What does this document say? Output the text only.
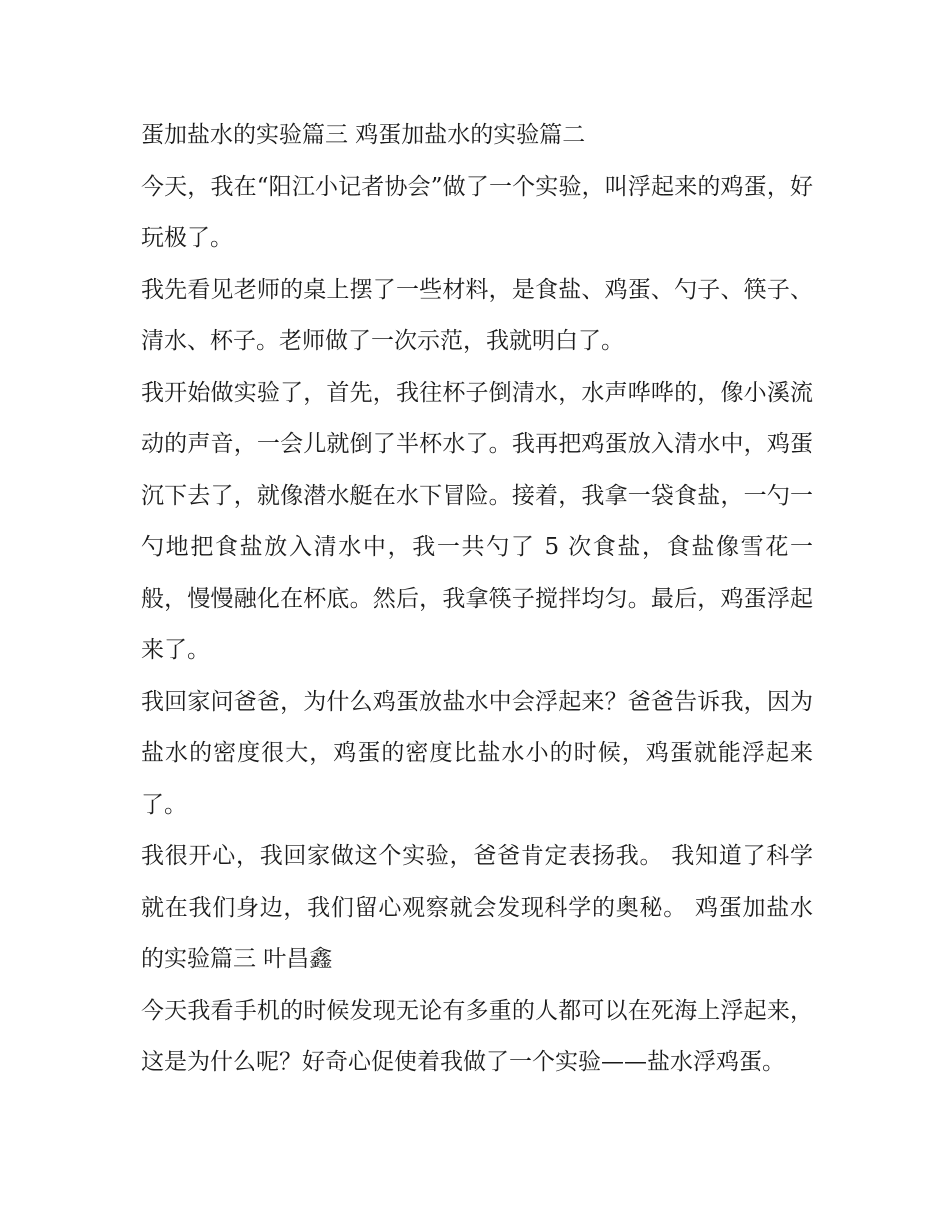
蛋加盐水的实验篇三 鸡蛋加盐水的实验篇二

今天，我在“阳江小记者协会”做了一个实验，叫浮起来的鸡蛋，好玩极了。

我先看见老师的桌上摆了一些材料，是食盐、鸡蛋、勺子、筷子、清水、杯子。老师做了一次示范，我就明白了。

我开始做实验了，首先，我往杯子倒清水，水声哗哗的，像小溪流动的声音，一会儿就倒了半杯水了。我再把鸡蛋放入清水中，鸡蛋沉下去了，就像潜水艇在水下冒险。接着，我拿一袋食盐，一勺一勺地把食盐放入清水中，我一共勺了 5 次食盐，食盐像雪花一般，慢慢融化在杯底。然后，我拿筷子搅拌均匀。最后，鸡蛋浮起来了。

我回家问爸爸，为什么鸡蛋放盐水中会浮起来？爸爸告诉我，因为盐水的密度很大，鸡蛋的密度比盐水小的时候，鸡蛋就能浮起来了。

我很开心，我回家做这个实验，爸爸肯定表扬我。 我知道了科学就在我们身边，我们留心观察就会发现科学的奥秘。 鸡蛋加盐水的实验篇三 叶昌鑫

今天我看手机的时候发现无论有多重的人都可以在死海上浮起来，这是为什么呢？好奇心促使着我做了一个实验——盐水浮鸡蛋。
